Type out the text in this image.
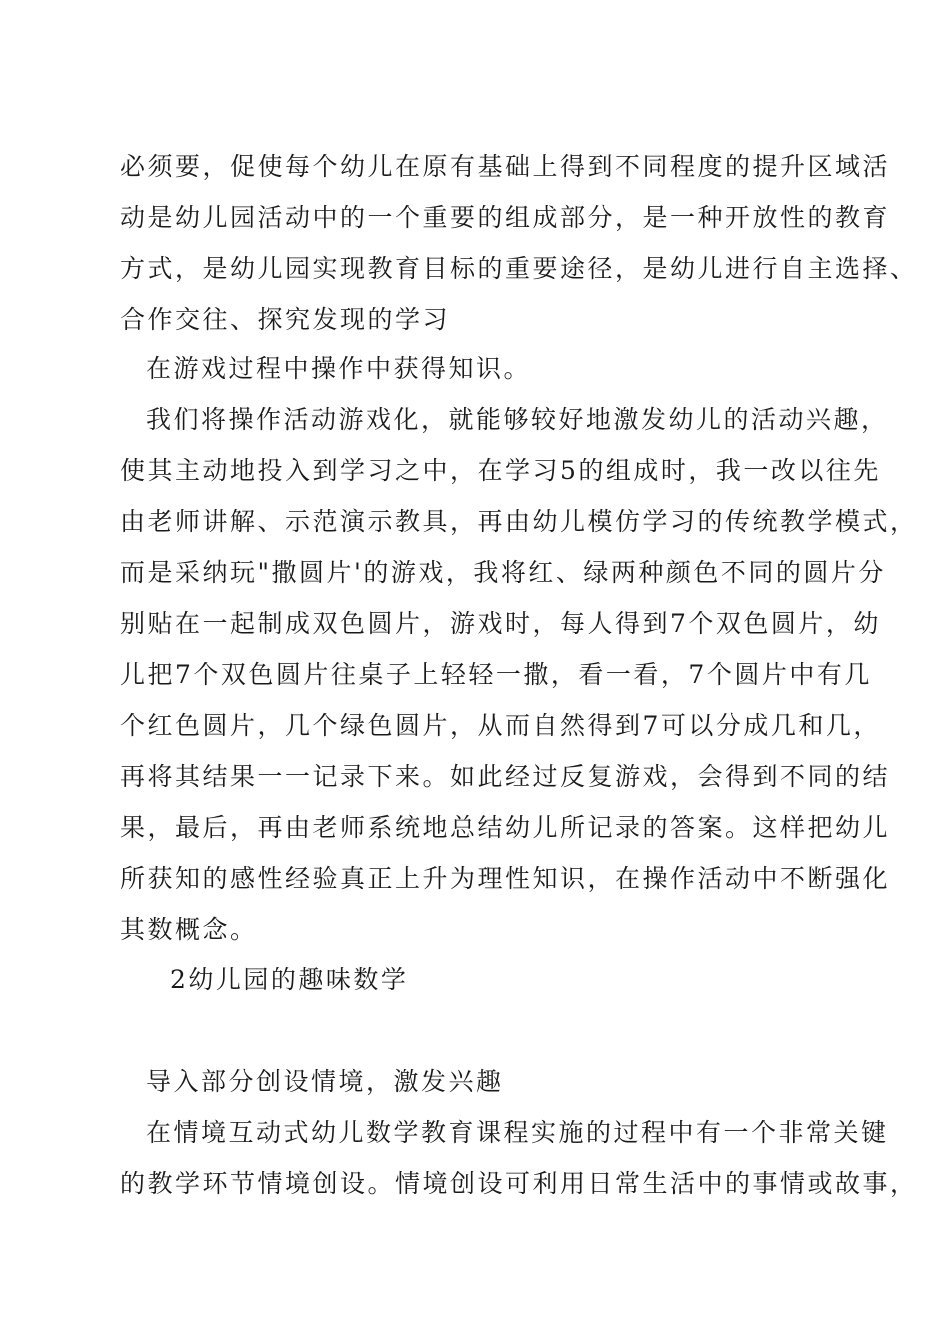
必须要，促使每个幼儿在原有基础上得到不同程度的提升区域活
动是幼儿园活动中的一个重要的组成部分，是一种开放性的教育
方式，是幼儿园实现教育目标的重要途径，是幼儿进行自主选择、
合作交往、探究发现的学习
在游戏过程中操作中获得知识。
我们将操作活动游戏化，就能够较好地激发幼儿的活动兴趣，
使其主动地投入到学习之中，在学习5的组成时，我一改以往先
由老师讲解、示范演示教具，再由幼儿模仿学习的传统教学模式，
而是采纳玩"撒圆片'的游戏，我将红、绿两种颜色不同的圆片分
别贴在一起制成双色圆片，游戏时，每人得到7个双色圆片，幼
儿把7个双色圆片往桌子上轻轻一撒，看一看，7个圆片中有几
个红色圆片，几个绿色圆片，从而自然得到7可以分成几和几，
再将其结果一一记录下来。如此经过反复游戏，会得到不同的结
果，最后，再由老师系统地总结幼儿所记录的答案。这样把幼儿
所获知的感性经验真正上升为理性知识，在操作活动中不断强化
其数概念。
2幼儿园的趣味数学
导入部分创设情境，激发兴趣
在情境互动式幼儿数学教育课程实施的过程中有一个非常关键
的教学环节情境创设。情境创设可利用日常生活中的事情或故事，
